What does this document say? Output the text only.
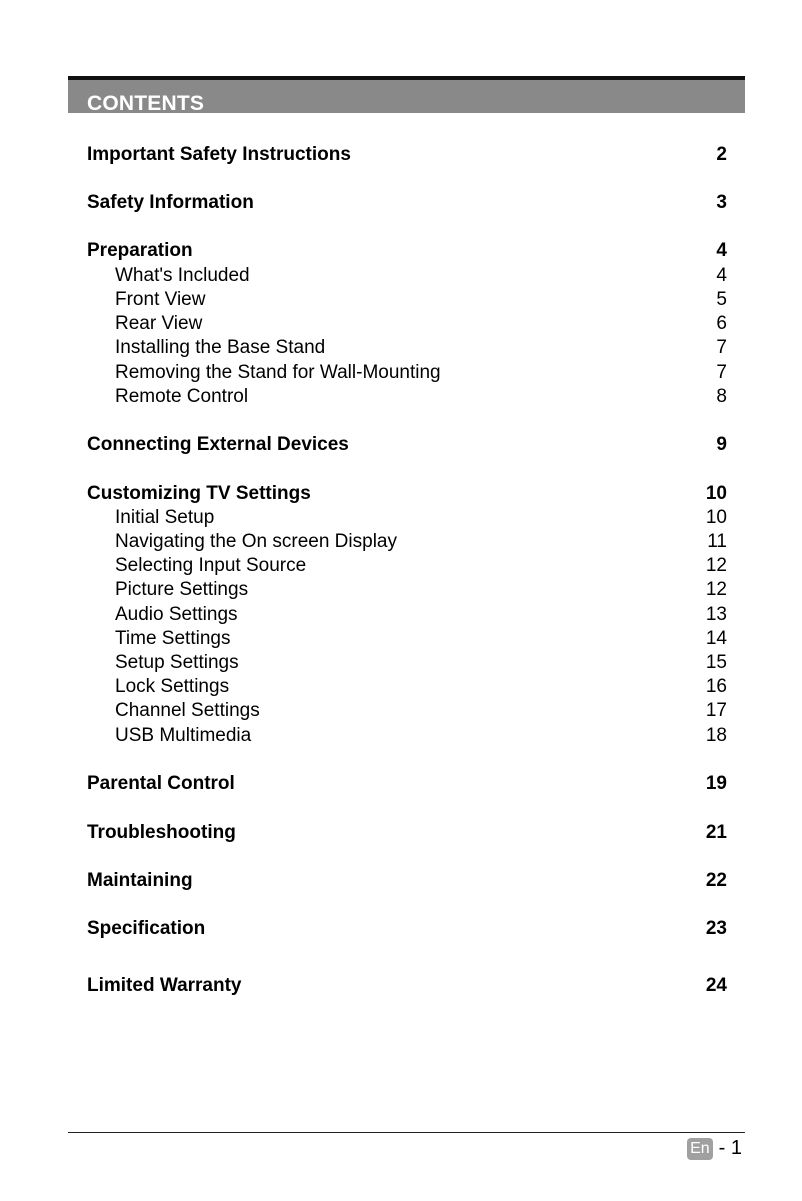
CONTENTS
Important Safety Instructions	2
Safety Information	3
Preparation	4
What's Included	4
Front View	5
Rear View	6
Installing the Base Stand	7
Removing the Stand for Wall-Mounting	7
Remote Control	8
Connecting External Devices	9
Customizing TV Settings	10
Initial Setup	10
Navigating the On screen Display	11
Selecting Input Source	12
Picture Settings	12
Audio Settings	13
Time Settings	14
Setup Settings	15
Lock Settings	16
Channel Settings	17
USB Multimedia	18
Parental Control	19
Troubleshooting	21
Maintaining	22
Specification	23
Limited Warranty	24
En - 1
